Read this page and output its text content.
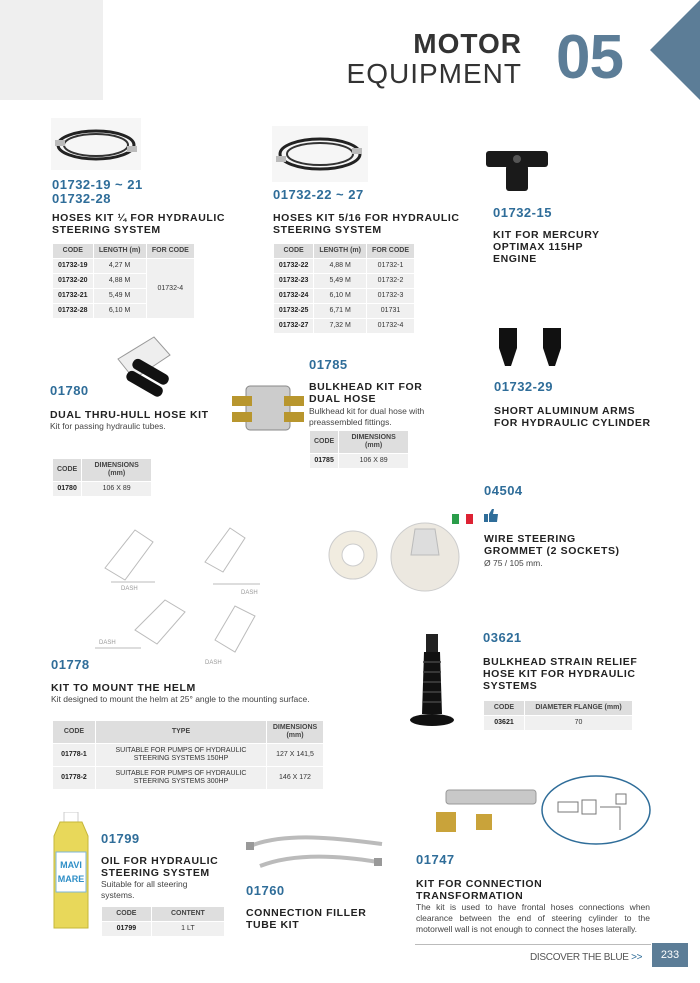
MOTOR
EQUIPMENT 05
01732-19 ~ 21
01732-28
HOSES KIT ¼ FOR HYDRAULIC STEERING SYSTEM
CODE	LENGTH (m)	FOR CODE
01732-19	4,27 M	01732-4
01732-20	4,88 M	
01732-21	5,49 M	
01732-28	6,10 M	
01732-22 ~ 27
HOSES KIT 5/16 FOR HYDRAULIC STEERING SYSTEM
CODE	LENGTH (m)	FOR CODE
01732-22	4,88 M	01732-1
01732-23	5,49 M	01732-2
01732-24	6,10 M	01732-3
01732-25	6,71 M	01731
01732-27	7,32 M	01732-4
01732-15
KIT FOR MERCURY OPTIMAX 115HP ENGINE
01780
DUAL THRU-HULL HOSE KIT
Kit for passing hydraulic tubes.
CODE	DIMENSIONS (mm)
01780	106 X 89
01785
BULKHEAD KIT FOR DUAL HOSE
Bulkhead kit for dual hose with preassembled fittings.
CODE	DIMENSIONS (mm)
01785	106 X 89
01732-29
SHORT ALUMINUM ARMS FOR HYDRAULIC CYLINDER
04504
WIRE STEERING GROMMET (2 SOCKETS)
Ø 75 / 105 mm.
DASH
DASH
DASH
DASH
01778
KIT TO MOUNT THE HELM
Kit designed to mount the helm at 25° angle to the mounting surface.
CODE	TYPE	DIMENSIONS (mm)
01778-1	SUITABLE FOR PUMPS OF HYDRAULIC STEERING SYSTEMS 150HP	127 X 141,5
01778-2	SUITABLE FOR PUMPS OF HYDRAULIC STEERING SYSTEMS 300HP	146 X 172
03621
BULKHEAD STRAIN RELIEF HOSE KIT FOR HYDRAULIC SYSTEMS
CODE	DIAMETER FLANGE (mm)
03621	70
MAVI
MARE
01799
OIL FOR HYDRAULIC STEERING SYSTEM
Suitable for all steering systems.
CODE	CONTENT
01799	1 LT
01760
CONNECTION FILLER TUBE KIT
01747
KIT FOR CONNECTION TRANSFORMATION
The kit is used to have frontal hoses connections when clearance between the end of steering cylinder to the motorwell wall is not enough to connect the hoses laterally.
DISCOVER THE BLUE >>	233
